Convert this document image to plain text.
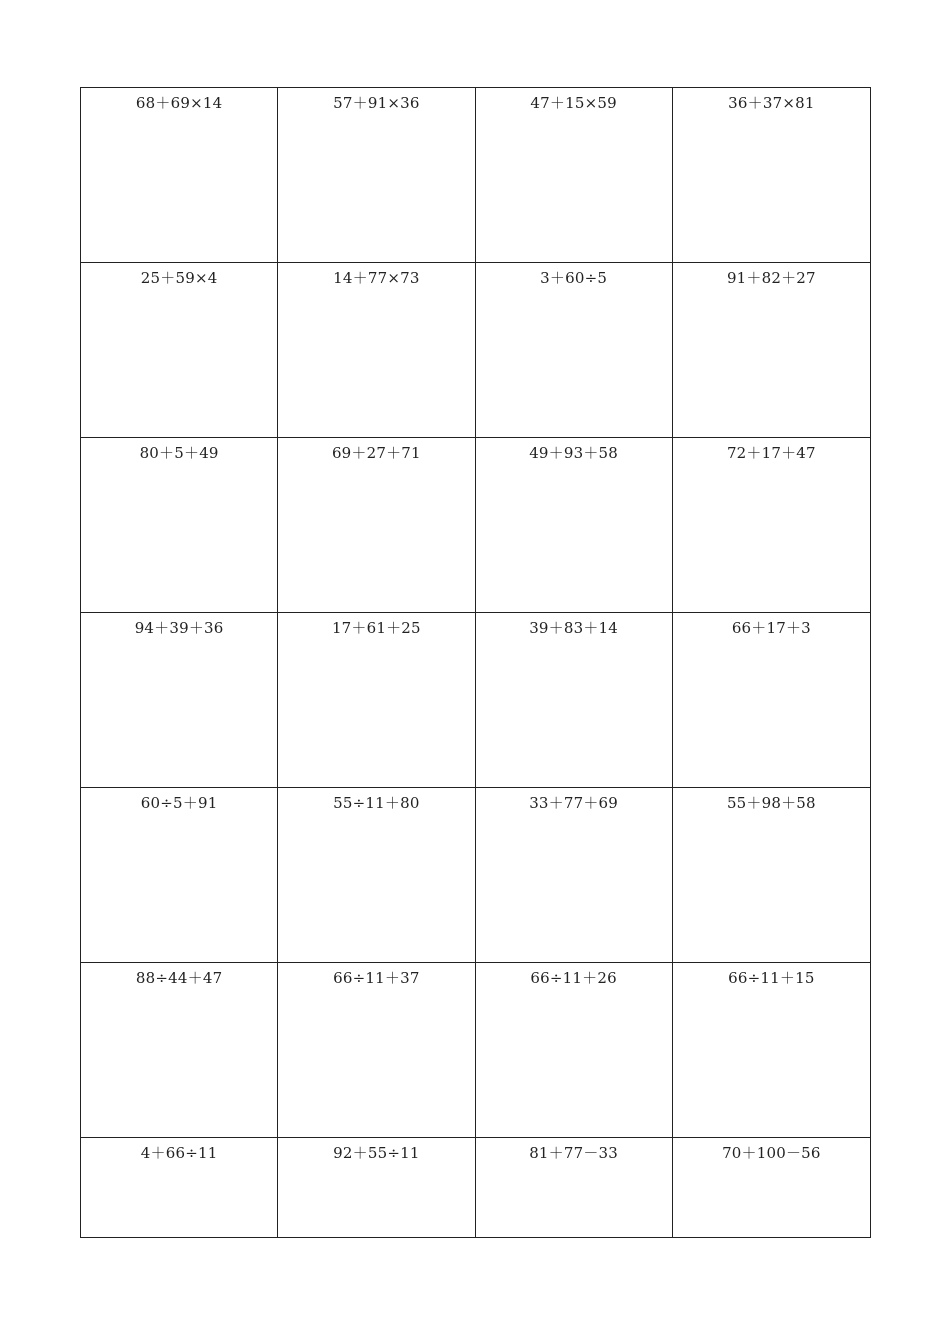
68＋69×14	57＋91×36	47＋15×59	36＋37×81
25＋59×4	14＋77×73	3＋60÷5	91＋82＋27
80＋5＋49	69＋27＋71	49＋93＋58	72＋17＋47
94＋39＋36	17＋61＋25	39＋83＋14	66＋17＋3
60÷5＋91	55÷11＋80	33＋77＋69	55＋98＋58
88÷44＋47	66÷11＋37	66÷11＋26	66÷11＋15
4＋66÷11	92＋55÷11	81＋77－33	70＋100－56
